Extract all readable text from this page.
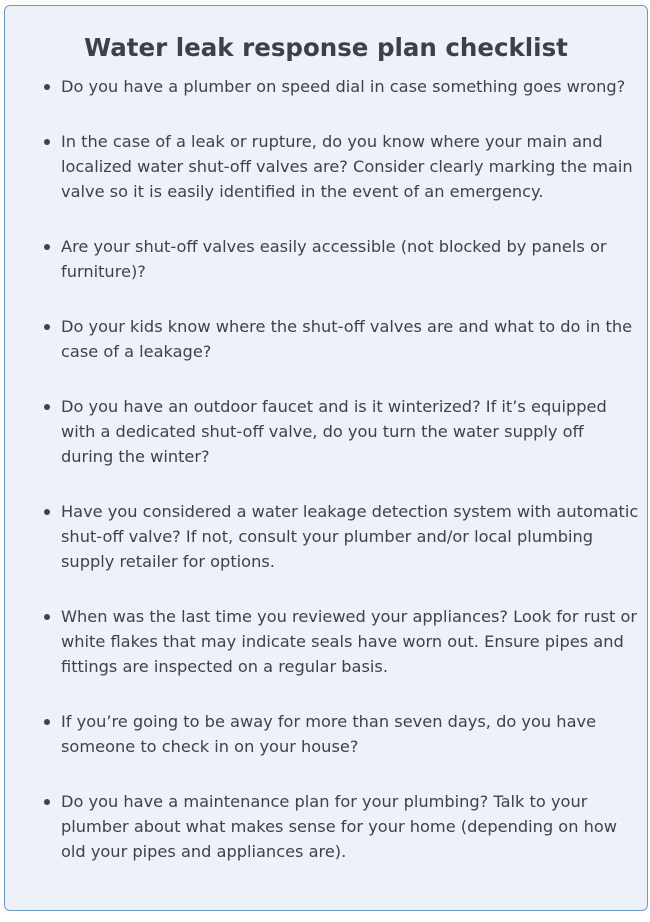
Water leak response plan checklist
Do you have a plumber on speed dial in case something goes wrong?
In the case of a leak or rupture, do you know where your main and localized water shut-off valves are? Consider clearly marking the main valve so it is easily identified in the event of an emergency.
Are your shut-off valves easily accessible (not blocked by panels or furniture)?
Do your kids know where the shut-off valves are and what to do in the case of a leakage?
Do you have an outdoor faucet and is it winterized? If it’s equipped with a dedicated shut-off valve, do you turn the water supply off during the winter?
Have you considered a water leakage detection system with automatic shut-off valve? If not, consult your plumber and/or local plumbing supply retailer for options.
When was the last time you reviewed your appliances? Look for rust or white flakes that may indicate seals have worn out. Ensure pipes and fittings are inspected on a regular basis.
If you’re going to be away for more than seven days, do you have someone to check in on your house?
Do you have a maintenance plan for your plumbing? Talk to your plumber about what makes sense for your home (depending on how old your pipes and appliances are).
